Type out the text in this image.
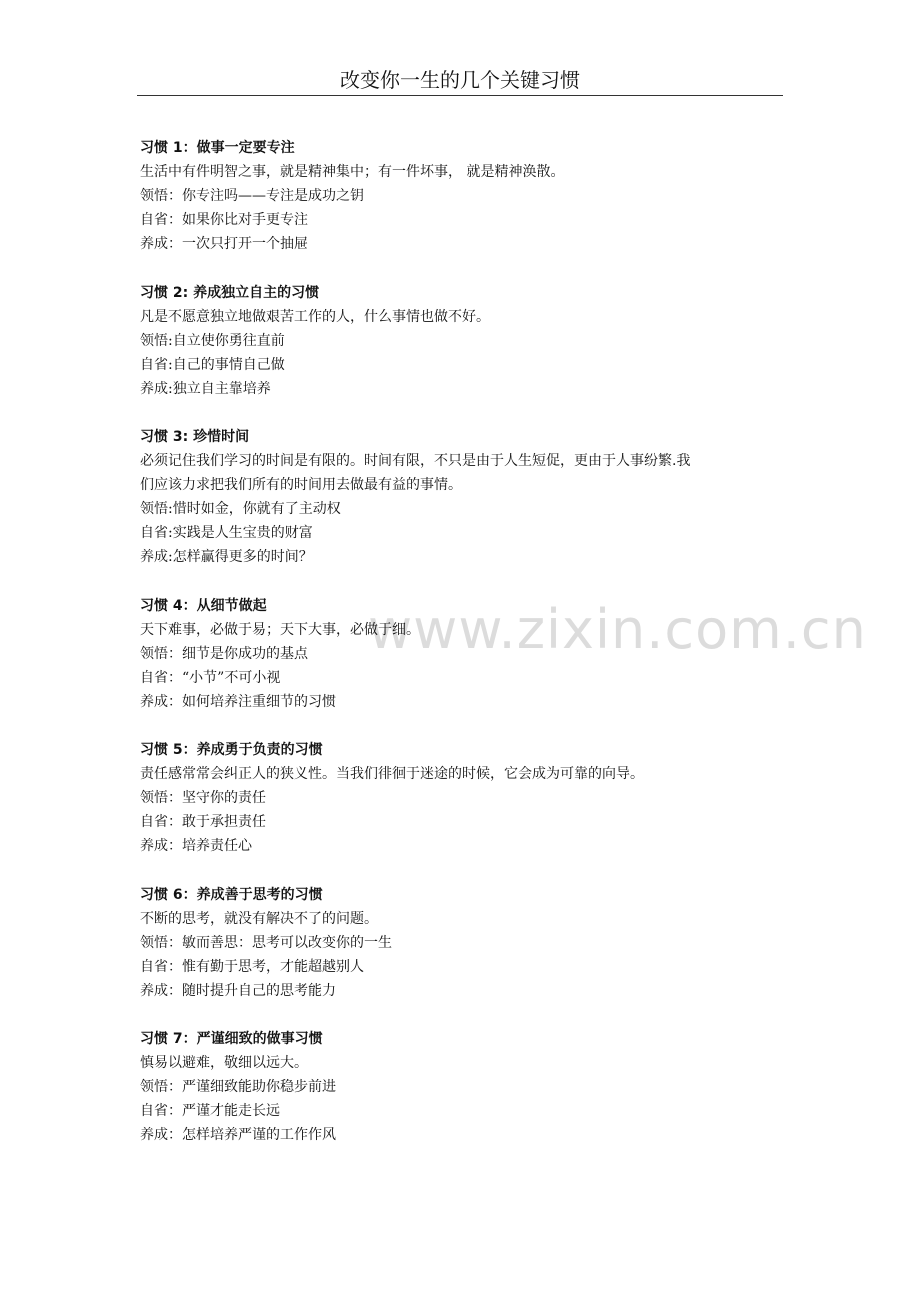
改变你一生的几个关键习惯
www.zixin.com.cn

习惯 1：做事一定要专注

生活中有件明智之事，就是精神集中；有一件坏事， 就是精神涣散。

领悟：你专注吗——专注是成功之钥

自省：如果你比对手更专注

养成：一次只打开一个抽屉

习惯 2: 养成独立自主的习惯

凡是不愿意独立地做艰苦工作的人，什么事情也做不好。

领悟:自立使你勇往直前

自省:自己的事情自己做

养成:独立自主靠培养

习惯 3: 珍惜时间

必须记住我们学习的时间是有限的。时间有限，不只是由于人生短促，更由于人事纷繁.我

们应该力求把我们所有的时间用去做最有益的事情。

领悟:惜时如金，你就有了主动权

自省:实践是人生宝贵的财富

养成:怎样赢得更多的时间？

习惯 4：从细节做起

天下难事，必做于易；天下大事，必做于细。

领悟：细节是你成功的基点

自省：“小节”不可小视

养成：如何培养注重细节的习惯

习惯 5：养成勇于负责的习惯

责任感常常会纠正人的狭义性。当我们徘徊于迷途的时候，它会成为可靠的向导。

领悟：坚守你的责任

自省：敢于承担责任

养成：培养责任心

习惯 6：养成善于思考的习惯

不断的思考，就没有解决不了的问题。

领悟：敏而善思：思考可以改变你的一生

自省：惟有勤于思考，才能超越别人

养成：随时提升自己的思考能力

习惯 7：严谨细致的做事习惯

慎易以避难，敬细以远大。

领悟：严谨细致能助你稳步前进

自省：严谨才能走长远

养成：怎样培养严谨的工作作风
